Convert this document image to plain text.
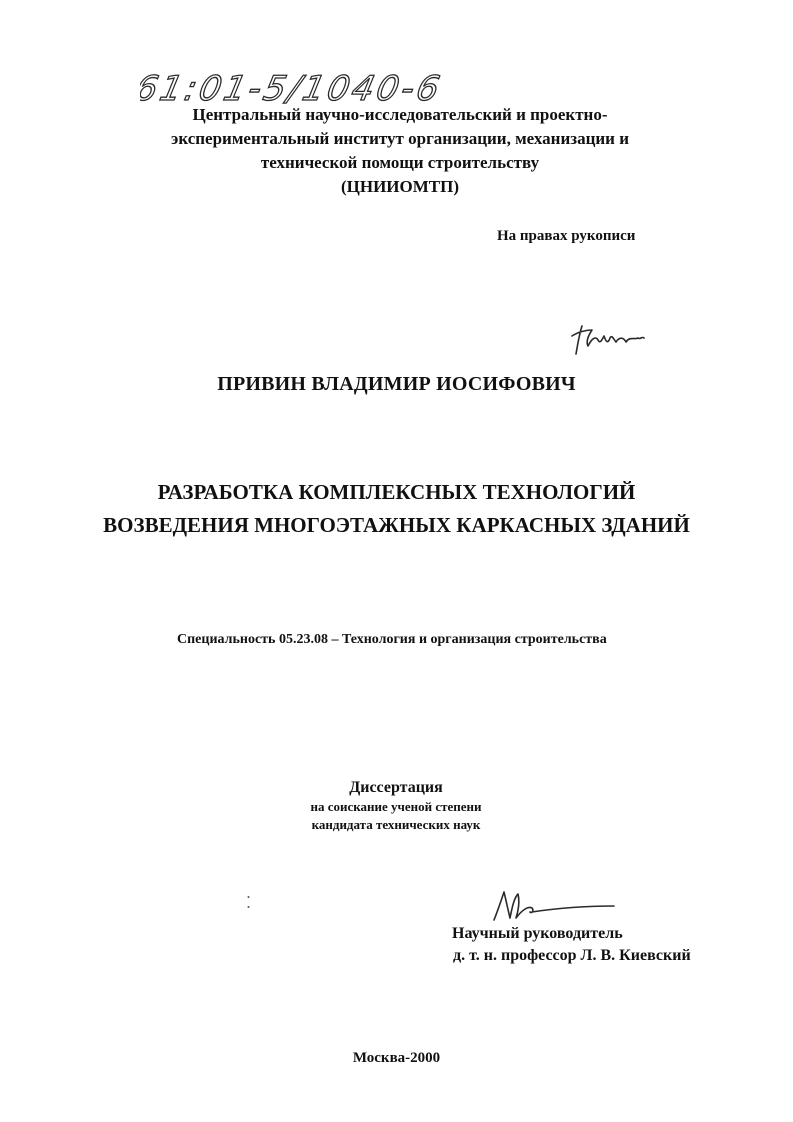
61:01-5/1040-6
Центральный научно-исследовательский и проектно-
экспериментальный институт организации, механизации и
технической помощи строительству
(ЦНИИОМТП)
На правах рукописи
ПРИВИН ВЛАДИМИР ИОСИФОВИЧ
РАЗРАБОТКА КОМПЛЕКСНЫХ ТЕХНОЛОГИЙ
ВОЗВЕДЕНИЯ МНОГОЭТАЖНЫХ КАРКАСНЫХ ЗДАНИЙ
Специальность 05.23.08 – Технология и организация строительства
Диссертация
на соискание ученой степени
кандидата технических наук
Научный руководитель
д. т. н. профессор Л. В. Киевский
Москва-2000
